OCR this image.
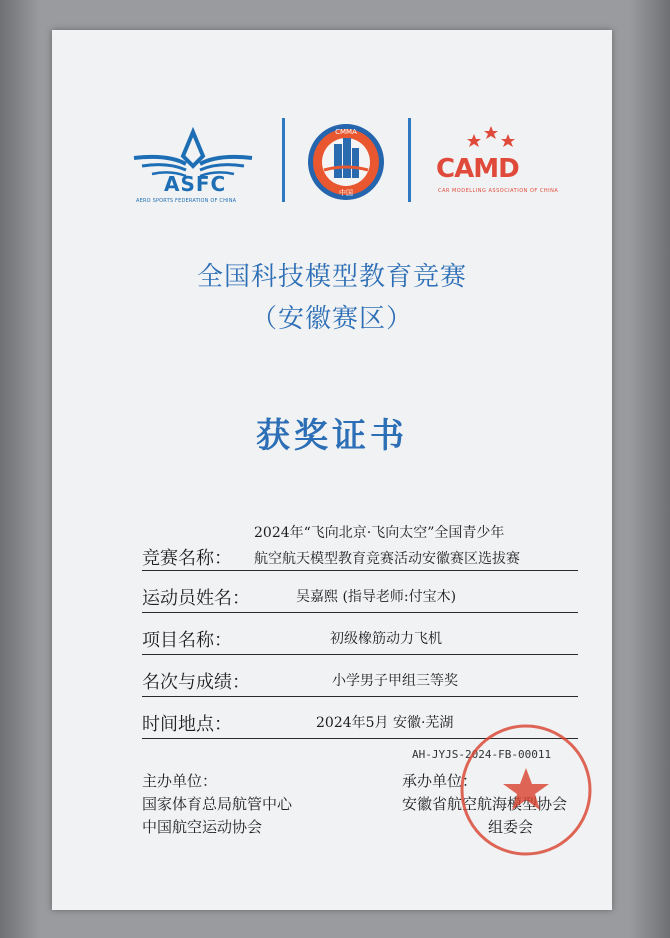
ASFC
AERO SPORTS FEDERATION OF CHINA
CMMA
中国
CAMD
CAR MODELLING ASSOCIATION OF CHINA
全国科技模型教育竞赛
（安徽赛区）
获奖证书
竞赛名称：
2024年“飞向北京·飞向太空”全国青少年
航空航天模型教育竞赛活动安徽赛区选拔赛
运动员姓名：	吴嘉熙 (指导老师:付宝木)
项目名称：	初级橡筋动力飞机
名次与成绩：	小学男子甲组三等奖
时间地点：	2024年5月 安徽·芜湖
AH-JYJS-2024-FB-00011
主办单位：
国家体育总局航管中心
中国航空运动协会
承办单位：
安徽省航空航海模型协会
组委会
